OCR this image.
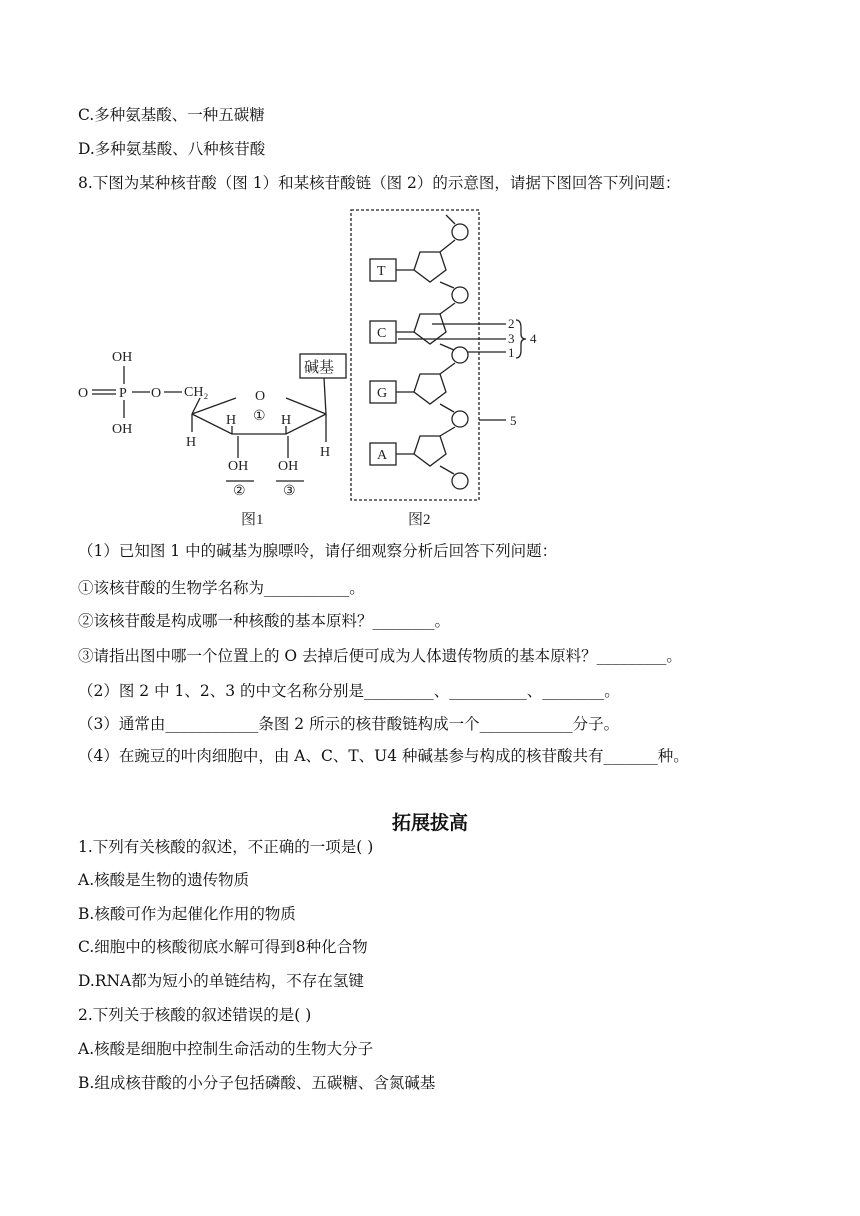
C.多种氨基酸、一种五碳糖
D.多种氨基酸、八种核苷酸
8.下图为某种核苷酸（图 1）和某核苷酸链（图 2）的示意图，请据下图回答下列问题：
OH
O P O CH₂
OH
O
①
H	H
H
H
OH OH
②	③
碱基
图1
T
C
G
A
2
3
1
4
5
图2
（1）已知图 1 中的碱基为腺嘌呤，请仔细观察分析后回答下列问题：
①该核苷酸的生物学名称为___________。
②该核苷酸是构成哪一种核酸的基本原料？________。
③请指出图中哪一个位置上的 O 去掉后便可成为人体遗传物质的基本原料？_________。
（2）图 2 中 1、2、3 的中文名称分别是_________、__________、________。
（3）通常由____________条图 2 所示的核苷酸链构成一个____________分子。
（4）在豌豆的叶肉细胞中，由 A、C、T、U4 种碱基参与构成的核苷酸共有_______种。
拓展拔高
1.下列有关核酸的叙述，不正确的一项是( )
A.核酸是生物的遗传物质
B.核酸可作为起催化作用的物质
C.细胞中的核酸彻底水解可得到8种化合物
D.RNA都为短小的单链结构，不存在氢键
2.下列关于核酸的叙述错误的是( )
A.核酸是细胞中控制生命活动的生物大分子
B.组成核苷酸的小分子包括磷酸、五碳糖、含氮碱基
